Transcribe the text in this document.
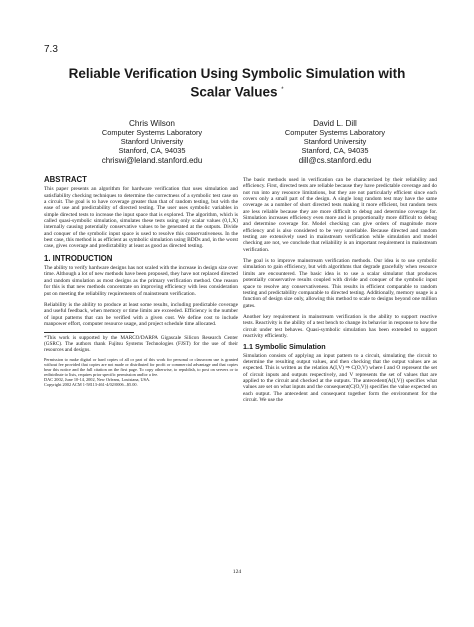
7.3
Reliable Verification Using Symbolic Simulation with
Scalar Values *
Chris Wilson
Computer Systems Laboratory
Stanford University
Stanford, CA, 94035
chriswi@leland.stanford.edu
David L. Dill
Computer Systems Laboratory
Stanford University
Stanford, CA, 94035
dill@cs.stanford.edu
ABSTRACT

This paper presents an algorithm for hardware verification that uses simulation and satisfiability checking techniques to determine the correctness of a symbolic test case on a circuit. The goal is to have coverage greater than that of random testing, but with the ease of use and predictability of directed testing. The user uses symbolic variables in simple directed tests to increase the input space that is explored. The algorithm, which is called quasi-symbolic simulation, simulates these tests using only scalar values (0,1,X) internally causing potentially conservative values to be generated at the outputs. Divide and conquer of the symbolic input space is used to resolve this conservativeness. In the best case, this method is as efficient as symbolic simulation using BDDs and, in the worst case, gives coverage and predictability at least as good as directed testing.

1. INTRODUCTION

The ability to verify hardware designs has not scaled with the increase in design size over time. Although a lot of new methods have been proposed, they have not replaced directed and random simulation as most designs as the primary verification method. One reason for this is that new methods concentrate on improving efficiency with less consideration put on meeting the reliability requirements of mainstream verification.

Reliability is the ability to produce at least some results, including predictable coverage and useful feedback, when memory or time limits are exceeded. Efficiency is the number of input patterns that can be verified with a given cost. We define cost to include manpower effort, computer resource usage, and project schedule time allocated.

*This work is supported by the MARCO/DARPA Gigascale Silicon Research Center (GSRC). The authors thank Fujitsu Systems Technologies (FJST) for the use of their resources and designs.
Permission to make digital or hard copies of all or part of this work for personal or classroom use is granted without fee provided that copies are not made or distributed for profit or commercial advantage and that copies bear this notice and the full citation on the first page. To copy otherwise, to republish, to post on servers or to redistribute to lists, requires prior specific permission and/or a fee.
DAC 2002, June 10-14, 2002, New Orleans, Louisiana, USA.
Copyright 2002 ACM 1-58113-461-4/02/0006...$5.00.

The basic methods used in verification can be characterized by their reliability and efficiency. First, directed tests are reliable because they have predictable coverage and do not run into any resource limitations, but they are not particularly efficient since each covers only a small part of the design. A single long random test may have the same coverage as a number of short directed tests making it more efficient, but random tests are less reliable because they are more difficult to debug and determine coverage for. Simulation increases efficiency even more and is proportionally more difficult to debug and determine coverage for. Model checking can give orders of magnitude more efficiency and is also considered to be very unreliable. Because directed and random testing are extensively used in mainstream verification while simulation and model checking are not, we conclude that reliability is an important requirement in mainstream verification.

The goal is to improve mainstream verification methods. Our idea is to use symbolic simulation to gain efficiency, but with algorithms that degrade gracefully when resource limits are encountered. The basic idea is to use a scalar simulator that produces potentially conservative results coupled with divide and conquer of the symbolic input space to resolve any conservativeness. This results in efficient comparable to random testing and predictability comparable to directed testing. Additionally, memory usage is a function of design size only, allowing this method to scale to designs beyond one million gates.

Another key requirement in mainstream verification is the ability to support reactive tests. Reactivity is the ability of a test bench to change its behavior in response to how the circuit under test behaves. Quasi-symbolic simulation has been extended to support reactivity efficiently.

1.1 Symbolic Simulation

Simulation consists of applying an input pattern to a circuit, simulating the circuit to determine the resulting output values, and then checking that the output values are as expected. This is written as the relation A(I,V) ⇒ C(O,V) where I and O represent the set of circuit inputs and outputs respectively, and V represents the set of values that are applied to the circuit and checked at the outputs. The antecedent(A(I,V)) specifies what values are set on what inputs and the consequent(C(O,V)) specifies the value expected on each output. The antecedent and consequent together form the environment for the circuit. We use the

124
